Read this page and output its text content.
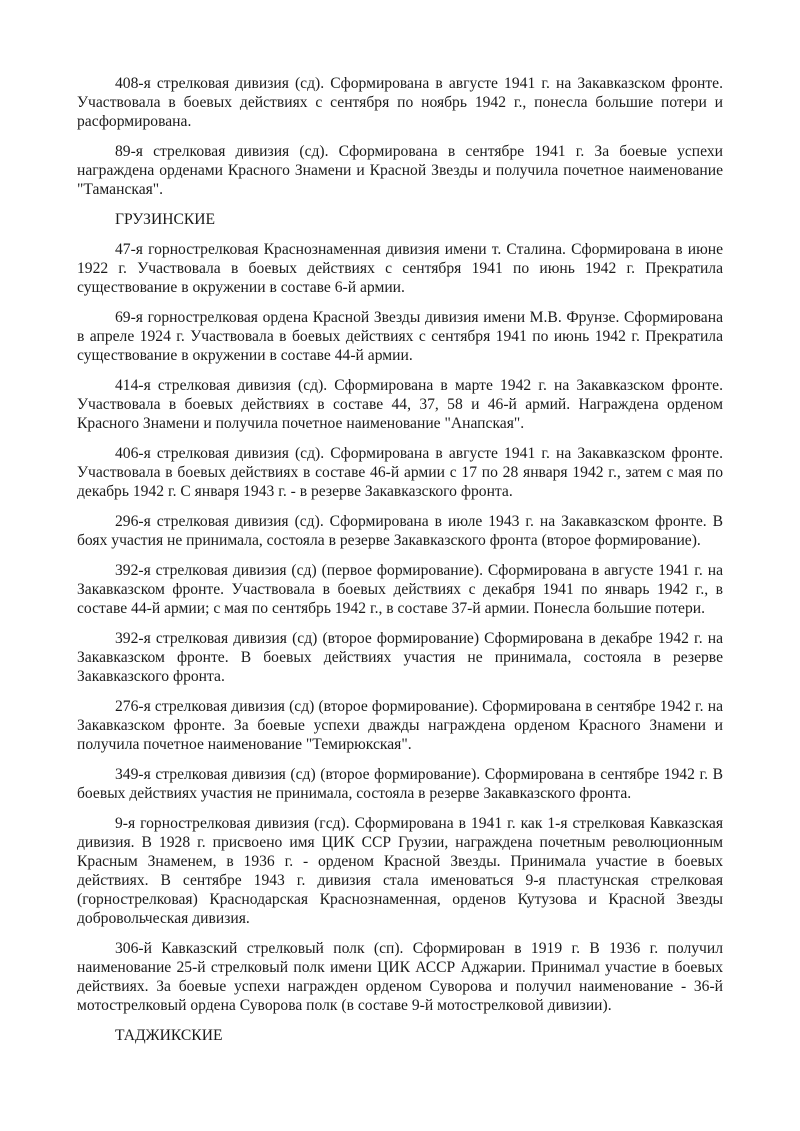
408-я стрелковая дивизия (сд). Сформирована в августе 1941 г. на Закавказском фронте. Участвовала в боевых действиях с сентября по ноябрь 1942 г., понесла большие потери и расформирована.

89-я стрелковая дивизия (сд). Сформирована в сентябре 1941 г. За боевые успехи награждена орденами Красного Знамени и Красной Звезды и получила почетное наименование "Таманская".

ГРУЗИНСКИЕ

47-я горнострелковая Краснознаменная дивизия имени т. Сталина. Сформирована в июне 1922 г. Участвовала в боевых действиях с сентября 1941 по июнь 1942 г. Прекратила существование в окружении в составе 6-й армии.

69-я горнострелковая ордена Красной Звезды дивизия имени М.В. Фрунзе. Сформирована в апреле 1924 г. Участвовала в боевых действиях с сентября 1941 по июнь 1942 г. Прекратила существование в окружении в составе 44-й армии.

414-я стрелковая дивизия (сд). Сформирована в марте 1942 г. на Закавказском фронте. Участвовала в боевых действиях в составе 44, 37, 58 и 46-й армий. Награждена орденом Красного Знамени и получила почетное наименование "Анапская".

406-я стрелковая дивизия (сд). Сформирована в августе 1941 г. на Закавказском фронте. Участвовала в боевых действиях в составе 46-й армии с 17 по 28 января 1942 г., затем с мая по декабрь 1942 г. С января 1943 г. - в резерве Закавказского фронта.

296-я стрелковая дивизия (сд). Сформирована в июле 1943 г. на Закавказском фронте. В боях участия не принимала, состояла в резерве Закавказского фронта (второе формирование).

392-я стрелковая дивизия (сд) (первое формирование). Сформирована в августе 1941 г. на Закавказском фронте. Участвовала в боевых действиях с декабря 1941 по январь 1942 г., в составе 44-й армии; с мая по сентябрь 1942 г., в составе 37-й армии. Понесла большие потери.

392-я стрелковая дивизия (сд) (второе формирование) Сформирована в декабре 1942 г. на Закавказском фронте. В боевых действиях участия не принимала, состояла в резерве Закавказского фронта.

276-я стрелковая дивизия (сд) (второе формирование). Сформирована в сентябре 1942 г. на Закавказском фронте. За боевые успехи дважды награждена орденом Красного Знамени и получила почетное наименование "Темирюкская".

349-я стрелковая дивизия (сд) (второе формирование). Сформирована в сентябре 1942 г. В боевых действиях участия не принимала, состояла в резерве Закавказского фронта.

9-я горнострелковая дивизия (гсд). Сформирована в 1941 г. как 1-я стрелковая Кавказская дивизия. В 1928 г. присвоено имя ЦИК ССР Грузии, награждена почетным революционным Красным Знаменем, в 1936 г. - орденом Красной Звезды. Принимала участие в боевых действиях. В сентябре 1943 г. дивизия стала именоваться 9-я пластунская стрелковая (горнострелковая) Краснодарская Краснознаменная, орденов Кутузова и Красной Звезды добровольческая дивизия.

306-й Кавказский стрелковый полк (сп). Сформирован в 1919 г. В 1936 г. получил наименование 25-й стрелковый полк имени ЦИК АССР Аджарии. Принимал участие в боевых действиях. За боевые успехи награжден орденом Суворова и получил наименование - 36-й мотострелковый ордена Суворова полк (в составе 9-й мотострелковой дивизии).

ТАДЖИКСКИЕ
